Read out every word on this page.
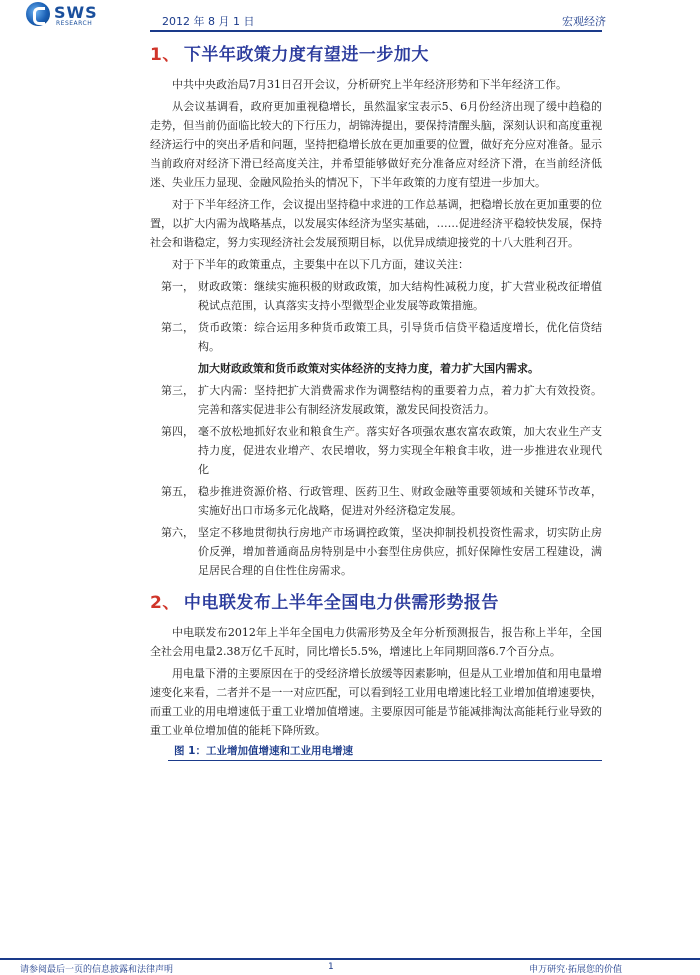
SWS
RESEARCH	2012 年 8 月 1 日	宏观经济
1、 下半年政策力度有望进一步加大

中共中央政治局7月31日召开会议，分析研究上半年经济形势和下半年经济工作。

从会议基调看，政府更加重视稳增长，虽然温家宝表示5、6月份经济出现了缓中趋稳的走势，但当前仍面临比较大的下行压力，胡锦涛提出，要保持清醒头脑，深刻认识和高度重视经济运行中的突出矛盾和问题，坚持把稳增长放在更加重要的位置，做好充分应对准备。显示当前政府对经济下滑已经高度关注，并希望能够做好充分准备应对经济下滑，在当前经济低迷、失业压力显现、金融风险抬头的情况下，下半年政策的力度有望进一步加大。

对于下半年经济工作，会议提出坚持稳中求进的工作总基调，把稳增长放在更加重要的位置，以扩大内需为战略基点，以发展实体经济为坚实基础，……促进经济平稳较快发展，保持社会和谐稳定，努力实现经济社会发展预期目标，以优异成绩迎接党的十八大胜利召开。

对于下半年的政策重点，主要集中在以下几方面，建议关注：

第一， 财政政策：继续实施积极的财政政策，加大结构性减税力度，扩大营业税改征增值税试点范围，认真落实支持小型微型企业发展等政策措施。
第二， 货币政策：综合运用多种货币政策工具，引导货币信贷平稳适度增长，优化信贷结构。
加大财政政策和货币政策对实体经济的支持力度，着力扩大国内需求。
第三， 扩大内需：坚持把扩大消费需求作为调整结构的重要着力点，着力扩大有效投资。完善和落实促进非公有制经济发展政策，激发民间投资活力。
第四， 毫不放松地抓好农业和粮食生产。落实好各项强农惠农富农政策，加大农业生产支持力度，促进农业增产、农民增收，努力实现全年粮食丰收，进一步推进农业现代化
第五， 稳步推进资源价格、行政管理、医药卫生、财政金融等重要领域和关键环节改革，实施好出口市场多元化战略，促进对外经济稳定发展。
第六， 坚定不移地贯彻执行房地产市场调控政策，坚决抑制投机投资性需求，切实防止房价反弹，增加普通商品房特别是中小套型住房供应，抓好保障性安居工程建设，满足居民合理的自住性住房需求。
2、 中电联发布上半年全国电力供需形势报告

中电联发布2012年上半年全国电力供需形势及全年分析预测报告，报告称上半年，全国全社会用电量2.38万亿千瓦时，同比增长5.5%，增速比上年同期回落6.7个百分点。

用电量下滑的主要原因在于的受经济增长放缓等因素影响，但是从工业增加值和用电量增速变化来看，二者并不是一一对应匹配，可以看到轻工业用电增速比轻工业增加值增速要快，而重工业的用电增速低于重工业增加值增速。主要原因可能是节能减排淘汰高能耗行业导致的重工业单位增加值的能耗下降所致。

图 1：工业增加值增速和工业用电增速
请参阅最后一页的信息披露和法律声明	1	申万研究·拓展您的价值
